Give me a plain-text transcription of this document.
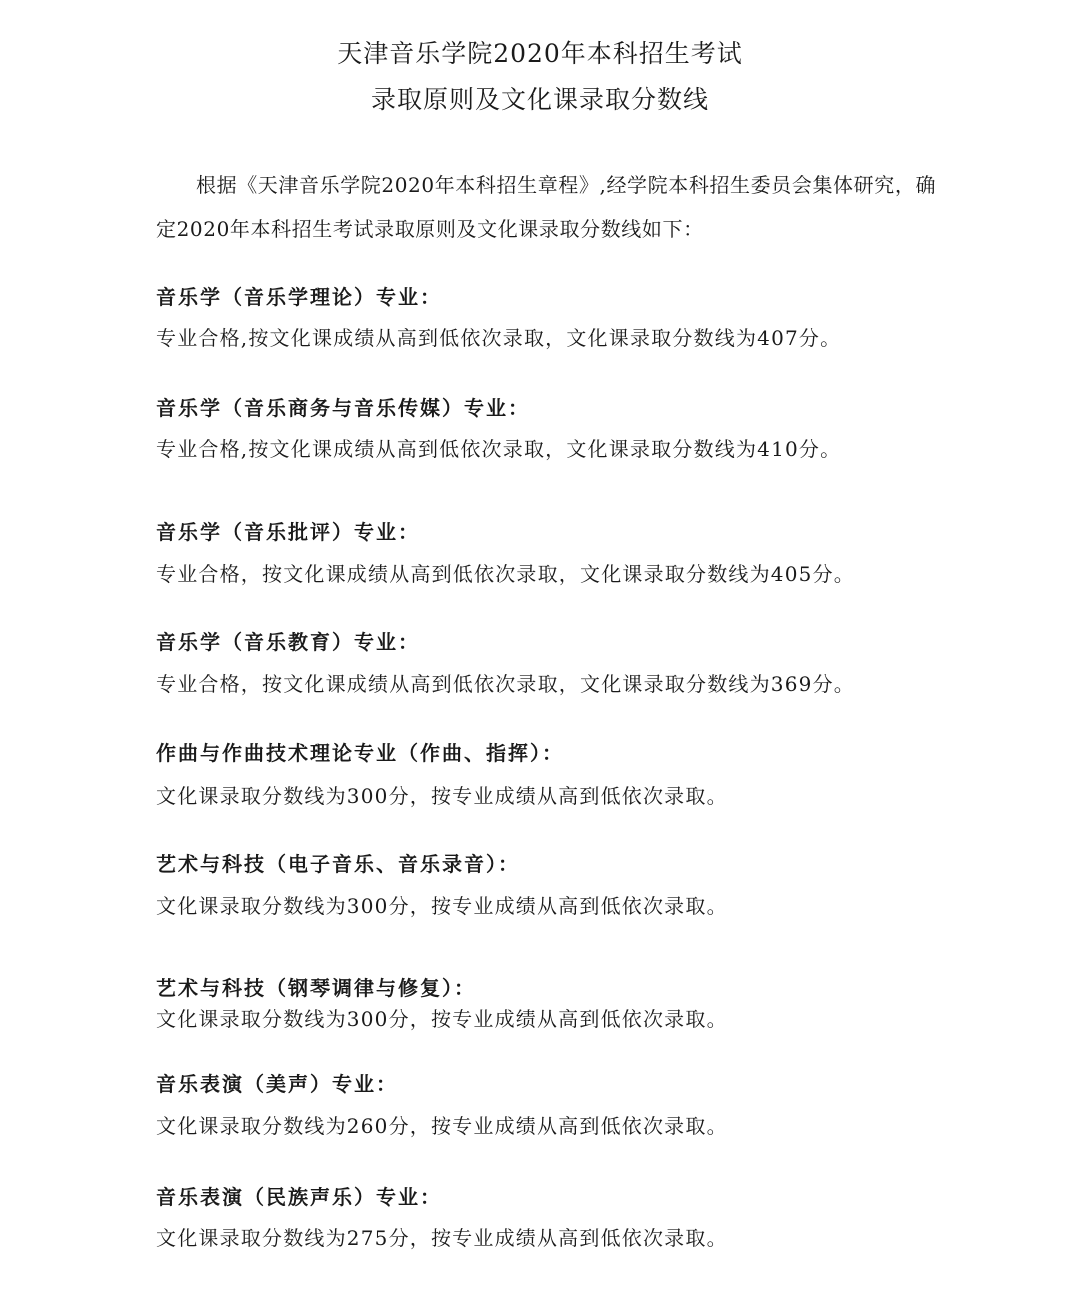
天津音乐学院2020年本科招生考试
录取原则及文化课录取分数线
根据《天津音乐学院2020年本科招生章程》,经学院本科招生委员会集体研究，确
定2020年本科招生考试录取原则及文化课录取分数线如下：
音乐学（音乐学理论）专业：
专业合格,按文化课成绩从高到低依次录取，文化课录取分数线为407分。
音乐学（音乐商务与音乐传媒）专业：
专业合格,按文化课成绩从高到低依次录取，文化课录取分数线为410分。
音乐学（音乐批评）专业：
专业合格，按文化课成绩从高到低依次录取，文化课录取分数线为405分。
音乐学（音乐教育）专业：
专业合格，按文化课成绩从高到低依次录取，文化课录取分数线为369分。
作曲与作曲技术理论专业（作曲、指挥）：
文化课录取分数线为300分，按专业成绩从高到低依次录取。
艺术与科技（电子音乐、音乐录音）：
文化课录取分数线为300分，按专业成绩从高到低依次录取。
艺术与科技（钢琴调律与修复）：
文化课录取分数线为300分，按专业成绩从高到低依次录取。
音乐表演（美声）专业：
文化课录取分数线为260分，按专业成绩从高到低依次录取。
音乐表演（民族声乐）专业：
文化课录取分数线为275分，按专业成绩从高到低依次录取。
